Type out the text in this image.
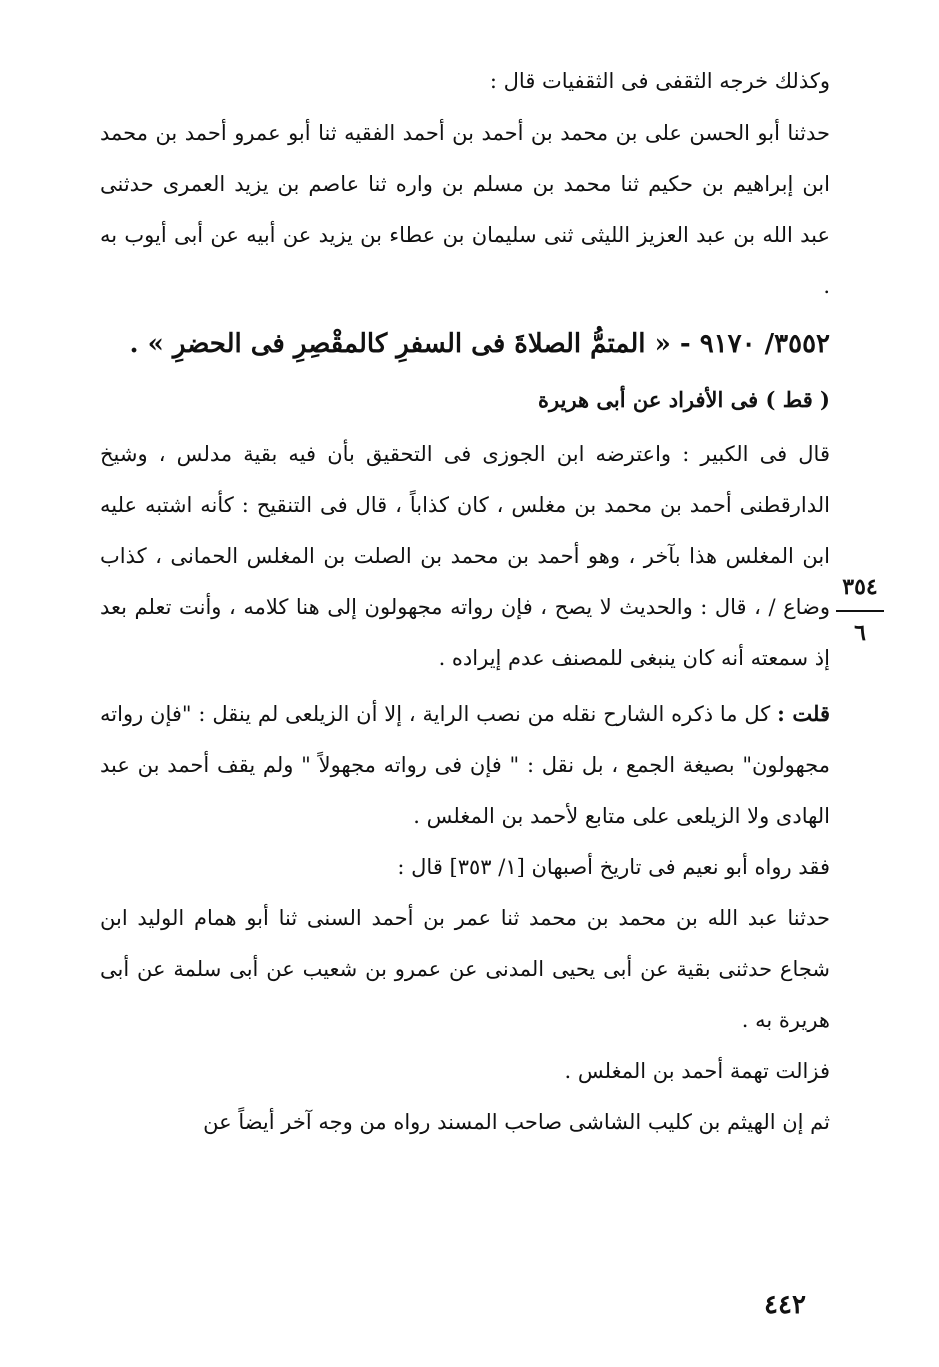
وكذلك خرجه الثقفى فى الثقفيات قال :

حدثنا أبو الحسن على بن محمد بن أحمد بن أحمد الفقيه ثنا أبو عمرو أحمد بن محمد ابن إبراهيم بن حكيم ثنا محمد بن مسلم بن واره ثنا عاصم بن يزيد العمرى حدثنى عبد الله بن عبد العزيز الليثى ثنى سليمان بن عطاء بن يزيد عن أبيه عن أبى أيوب به .

٣٥٥٢/ ٩١٧٠ - « المتمُّ الصلاةَ فى السفرِ كالمقْصِرِ فى الحضرِ » .

( قط ) فى الأفراد عن أبى هريرة

قال فى الكبير : واعترضه ابن الجوزى فى التحقيق بأن فيه بقية مدلس ، وشيخ الدارقطنى أحمد بن محمد بن مغلس ، كان كذاباً ، قال فى التنقيح : كأنه اشتبه عليه ابن المغلس هذا بآخر ، وهو أحمد بن محمد بن الصلت بن المغلس الحمانى ، كذاب وضاع / ، قال : والحديث لا يصح ، فإن رواته مجهولون إلى هنا كلامه ، وأنت تعلم بعد إذ سمعته أنه كان ينبغى للمصنف عدم إيراده .

قلت : كل ما ذكره الشارح نقله من نصب الراية ، إلا أن الزيلعى لم ينقل : "فإن رواته مجهولون" بصيغة الجمع ، بل نقل : " فإن فى رواته مجهولاً " ولم يقف أحمد بن عبد الهادى ولا الزيلعى على متابع لأحمد بن المغلس .

فقد رواه أبو نعيم فى تاريخ أصبهان [١/ ٣٥٣] قال :

حدثنا عبد الله بن محمد بن محمد ثنا عمر بن أحمد السنى ثنا أبو همام الوليد ابن شجاع حدثنى بقية عن أبى يحيى المدنى عن عمرو بن شعيب عن أبى سلمة عن أبى هريرة به .

فزالت تهمة أحمد بن المغلس .

ثم إن الهيثم بن كليب الشاشى صاحب المسند رواه من وجه آخر أيضاً عن

٣٥٤
٦
٤٤٢
